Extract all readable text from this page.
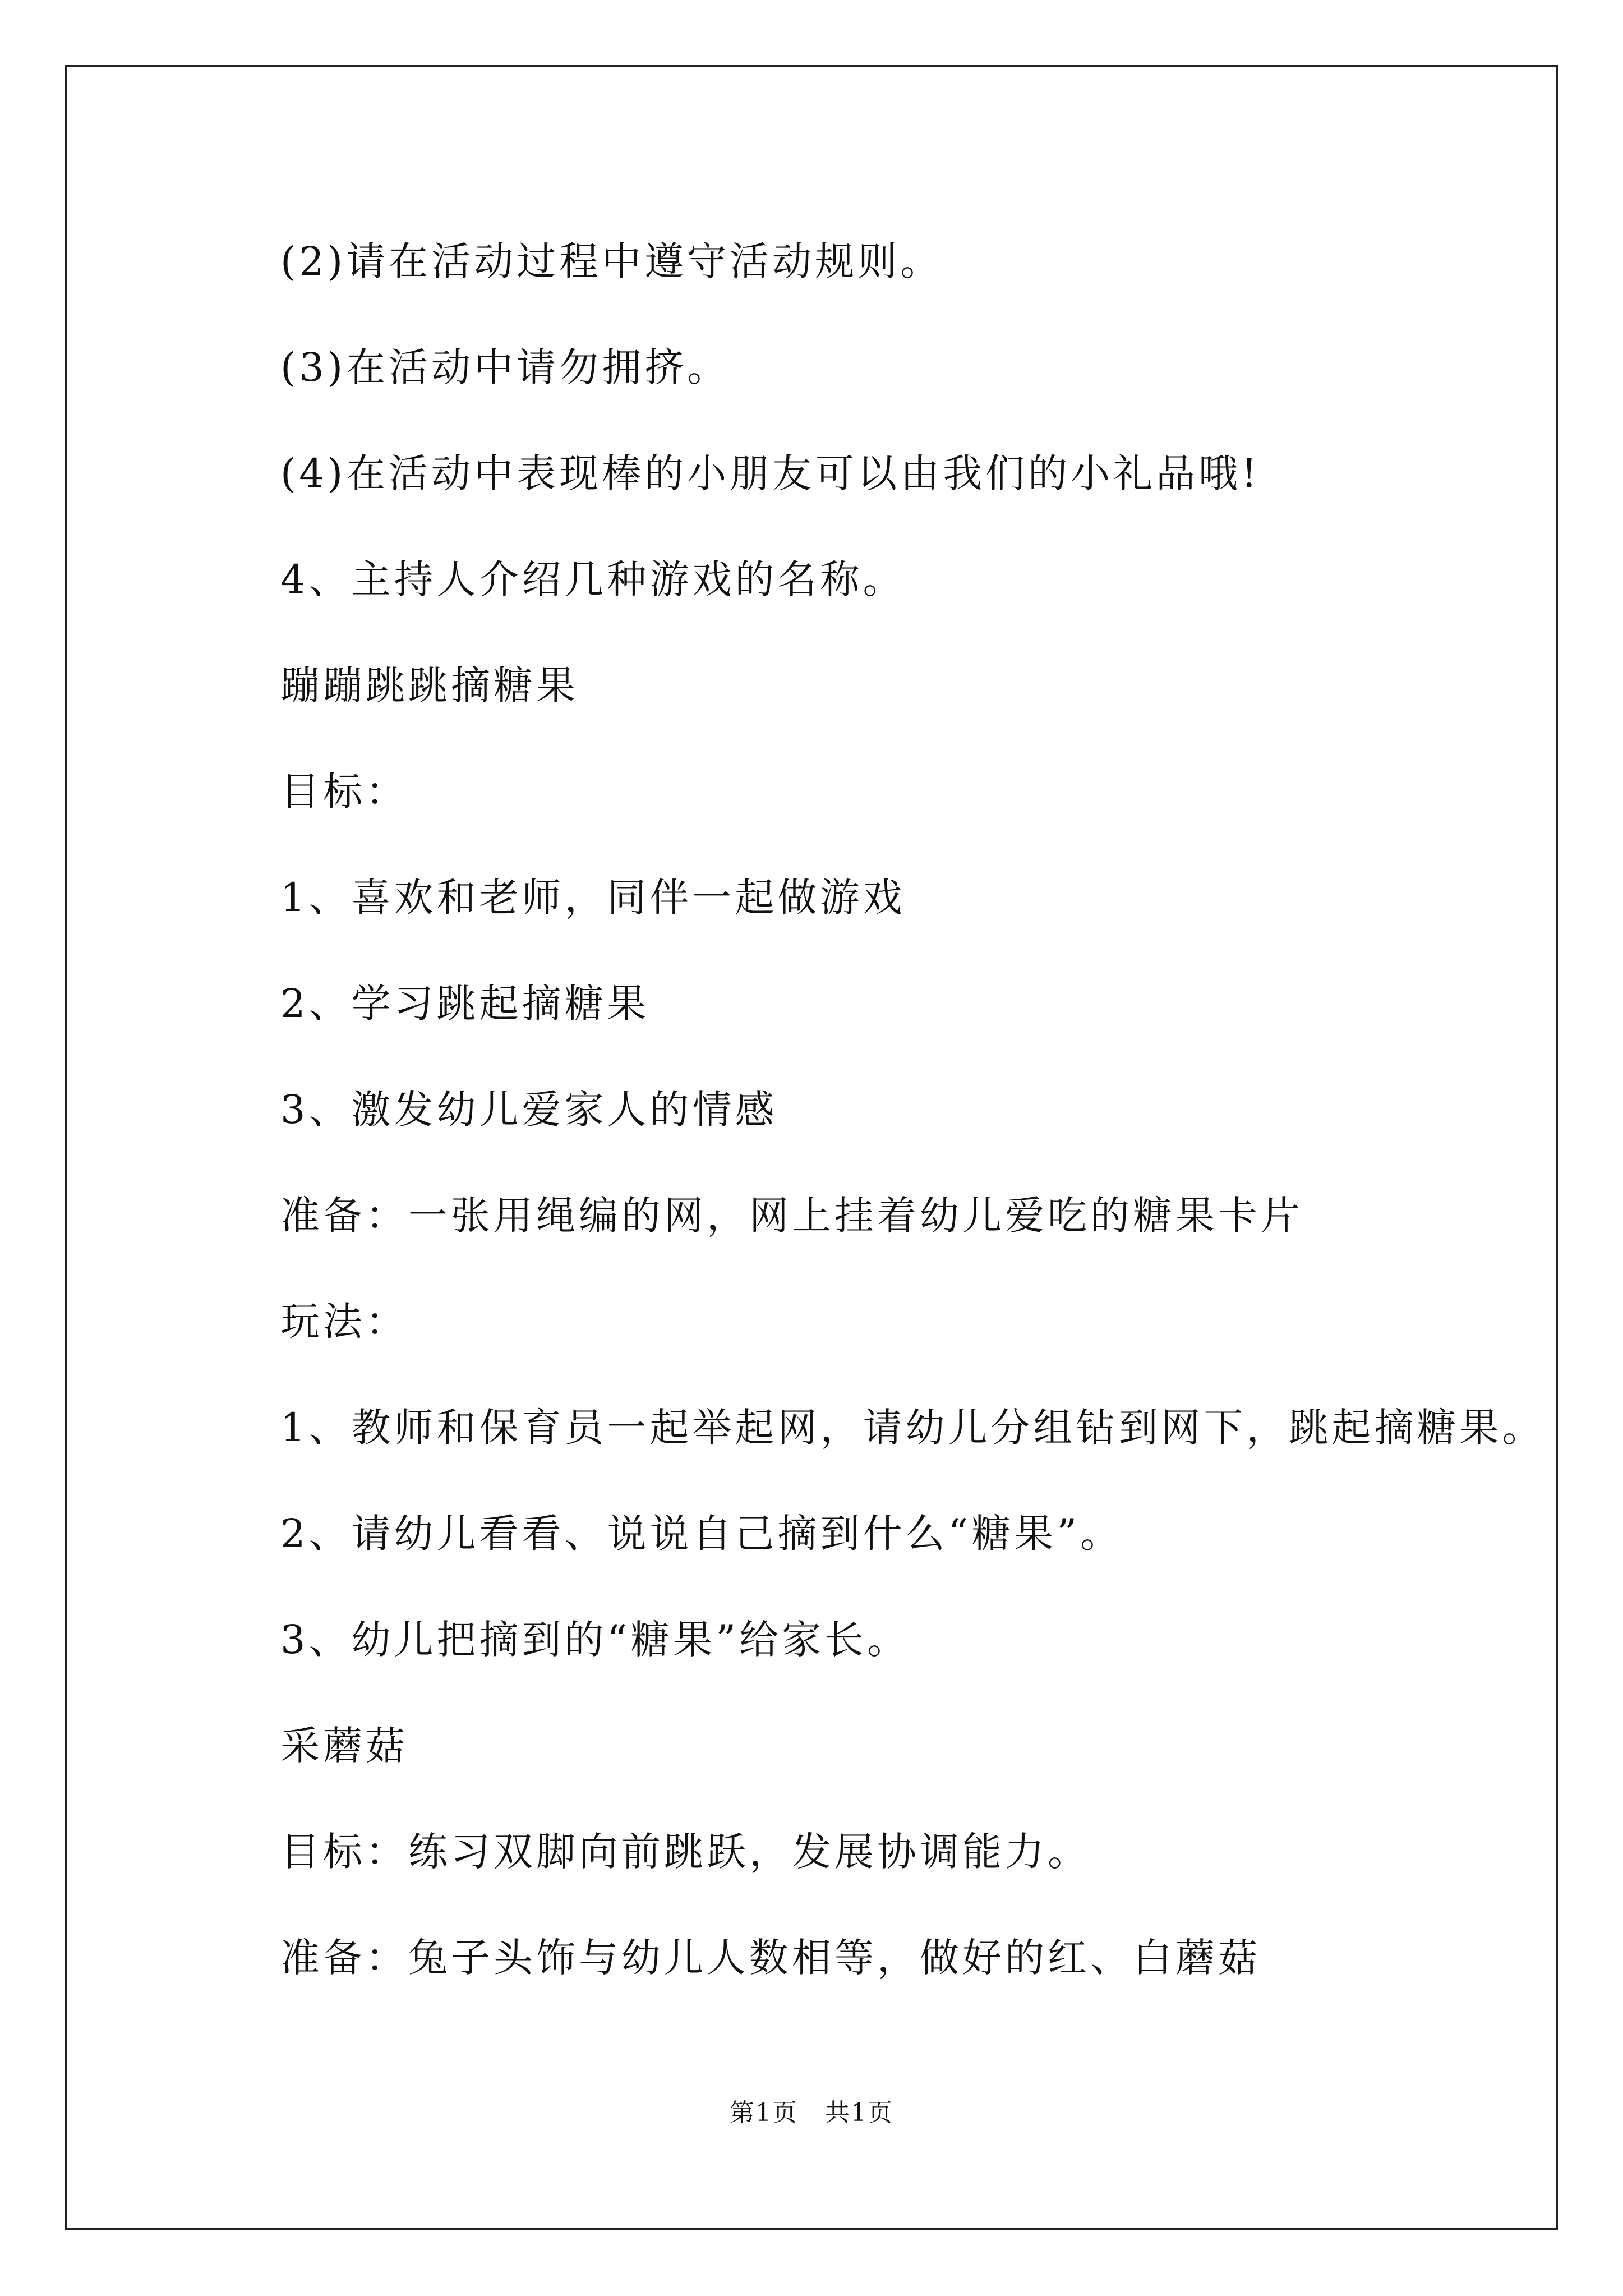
(2)请在活动过程中遵守活动规则。
(3)在活动中请勿拥挤。
(4)在活动中表现棒的小朋友可以由我们的小礼品哦!
4、主持人介绍几种游戏的名称。
蹦蹦跳跳摘糖果
目标：
1、喜欢和老师，同伴一起做游戏
2、学习跳起摘糖果
3、激发幼儿爱家人的情感
准备：一张用绳编的网，网上挂着幼儿爱吃的糖果卡片
玩法：
1、教师和保育员一起举起网，请幼儿分组钻到网下，跳起摘糖果。
2、请幼儿看看、说说自己摘到什么“糖果”。
3、幼儿把摘到的“糖果”给家长。
采蘑菇
目标：练习双脚向前跳跃，发展协调能力。
准备：兔子头饰与幼儿人数相等，做好的红、白蘑菇
第1页   共1页
